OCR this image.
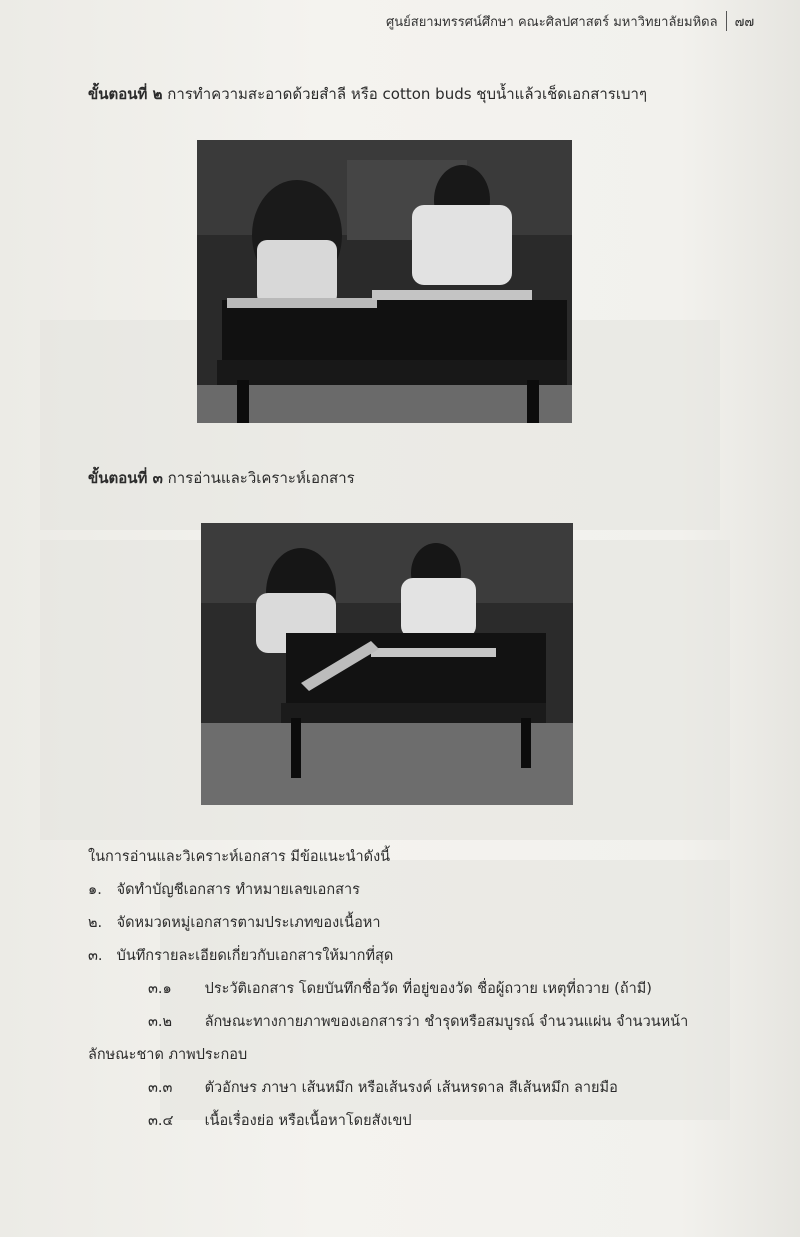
ศูนย์สยามทรรศน์ศึกษา คณะศิลปศาสตร์ มหาวิทยาลัยมหิดล ๗๗
ขั้นตอนที่ ๒ การทำความสะอาดด้วยสำลี หรือ cotton buds ชุบน้ำแล้วเช็ดเอกสารเบาๆ
ขั้นตอนที่ ๓ การอ่านและวิเคราะห์เอกสาร
ในการอ่านและวิเคราะห์เอกสาร มีข้อแนะนำดังนี้
๑. จัดทำบัญชีเอกสาร ทำหมายเลขเอกสาร
๒. จัดหมวดหมู่เอกสารตามประเภทของเนื้อหา
๓. บันทึกรายละเอียดเกี่ยวกับเอกสารให้มากที่สุด
๓.๑ ประวัติเอกสาร โดยบันทึกชื่อวัด ที่อยู่ของวัด ชื่อผู้ถวาย เหตุที่ถวาย (ถ้ามี)
๓.๒ ลักษณะทางกายภาพของเอกสารว่า ชำรุดหรือสมบูรณ์ จำนวนแผ่น จำนวนหน้า
ลักษณะชาด ภาพประกอบ
๓.๓ ตัวอักษร ภาษา เส้นหมึก หรือเส้นรงค์ เส้นหรดาล สีเส้นหมึก ลายมือ
๓.๔ เนื้อเรื่องย่อ หรือเนื้อหาโดยสังเขป
